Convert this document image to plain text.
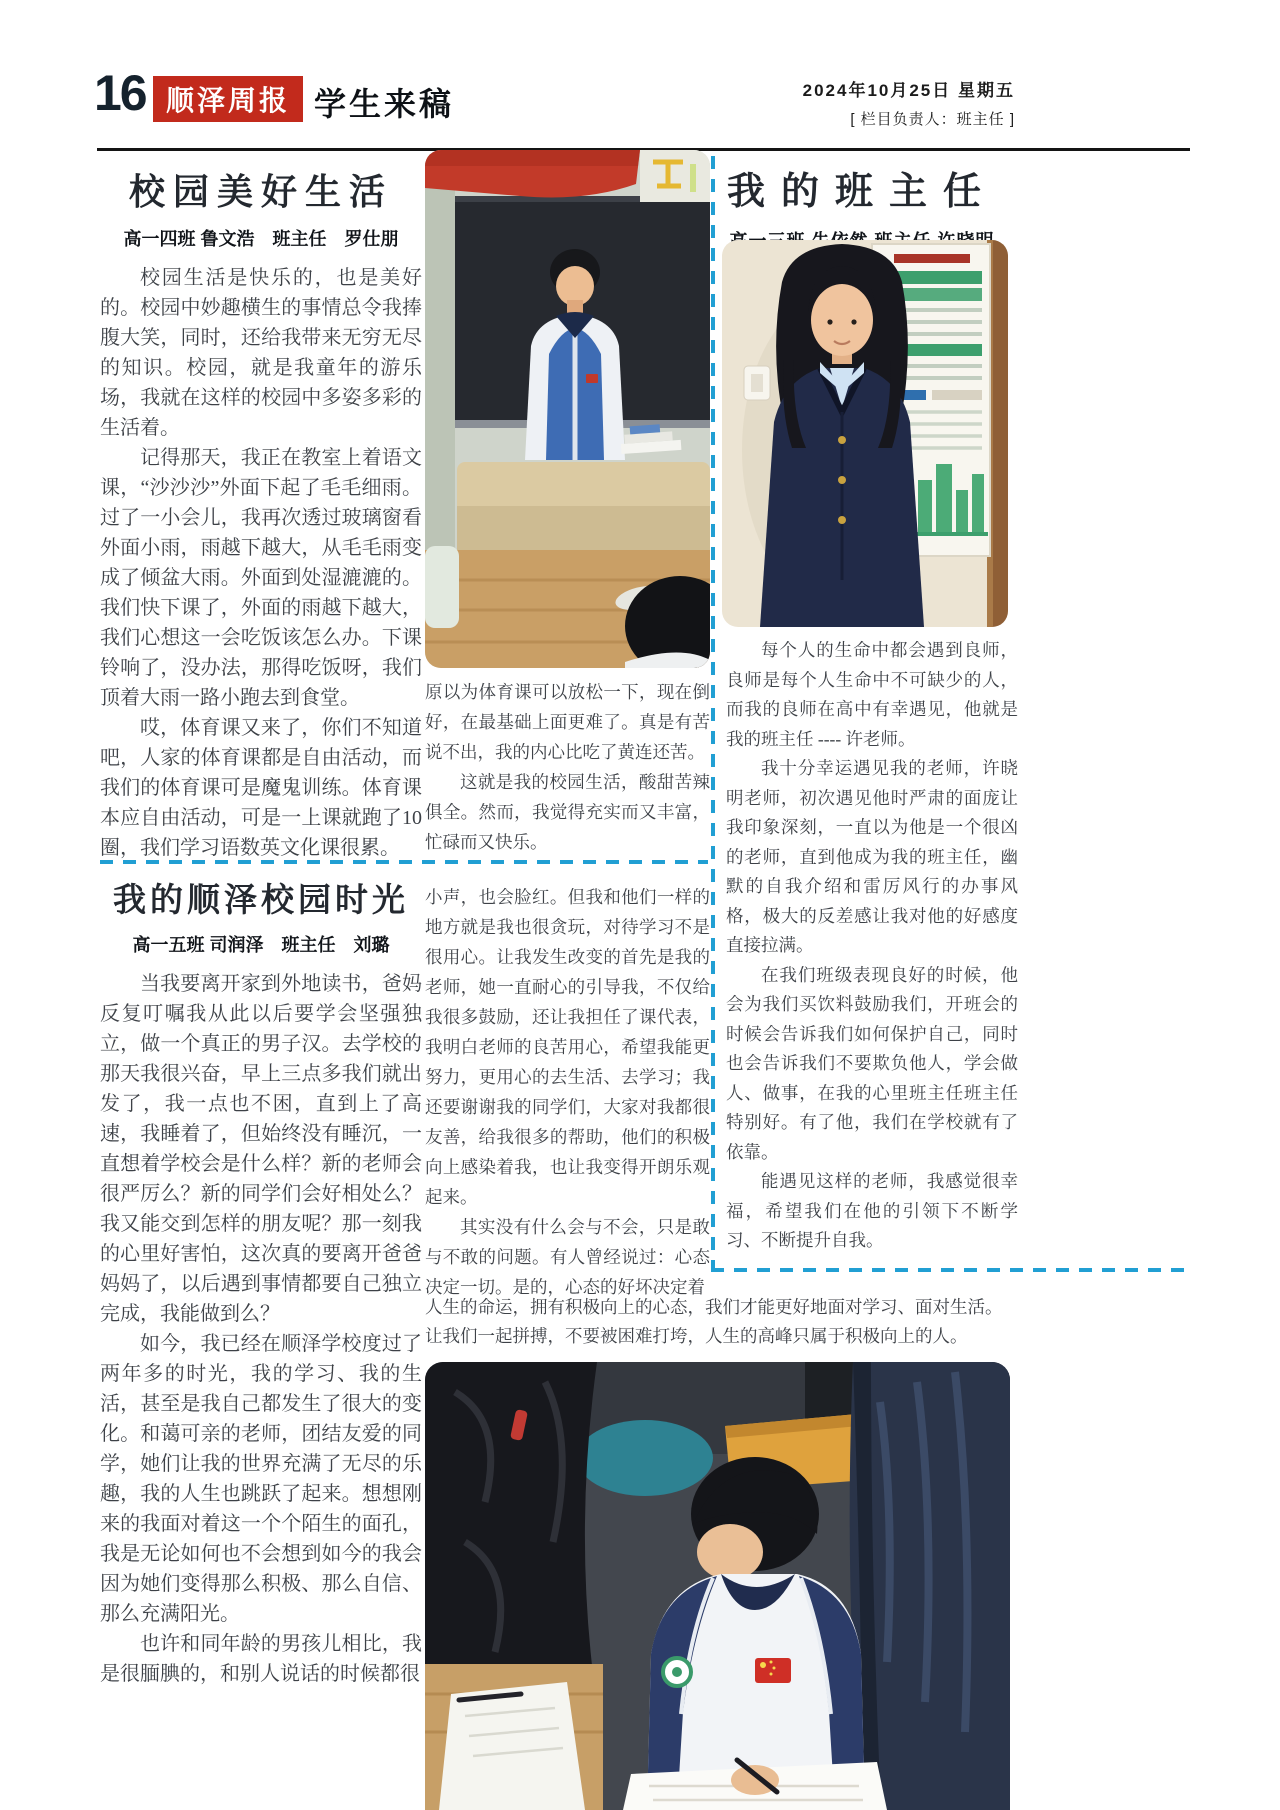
16 顺泽周报 学生来稿	2024年10月25日 星期五
[ 栏目负责人：班主任 ]
校园美好生活
高一四班 鲁文浩　班主任　罗仕朋

校园生活是快乐的，也是美好的。校园中妙趣横生的事情总令我捧腹大笑，同时，还给我带来无穷无尽的知识。校园，就是我童年的游乐场，我就在这样的校园中多姿多彩的生活着。

记得那天，我正在教室上着语文课，“沙沙沙”外面下起了毛毛细雨。过了一小会儿，我再次透过玻璃窗看外面小雨，雨越下越大，从毛毛雨变成了倾盆大雨。外面到处湿漉漉的。我们快下课了，外面的雨越下越大，我们心想这一会吃饭该怎么办。下课铃响了，没办法，那得吃饭呀，我们顶着大雨一路小跑去到食堂。

哎，体育课又来了，你们不知道吧，人家的体育课都是自由活动，而我们的体育课可是魔鬼训练。体育课本应自由活动，可是一上课就跑了10圈，我们学习语数英文化课很累。

原以为体育课可以放松一下，现在倒好，在最基础上面更难了。真是有苦说不出，我的内心比吃了黄连还苦。

这就是我的校园生活，酸甜苦辣俱全。然而，我觉得充实而又丰富，忙碌而又快乐。

我的顺泽校园时光
高一五班 司润泽　班主任　刘璐

当我要离开家到外地读书，爸妈反复叮嘱我从此以后要学会坚强独立，做一个真正的男子汉。去学校的那天我很兴奋，早上三点多我们就出发了，我一点也不困，直到上了高速，我睡着了，但始终没有睡沉，一直想着学校会是什么样？新的老师会很严厉么？新的同学们会好相处么？我又能交到怎样的朋友呢？那一刻我的心里好害怕，这次真的要离开爸爸妈妈了，以后遇到事情都要自己独立完成，我能做到么？

如今，我已经在顺泽学校度过了两年多的时光，我的学习、我的生活，甚至是我自己都发生了很大的变化。和蔼可亲的老师，团结友爱的同学，她们让我的世界充满了无尽的乐趣，我的人生也跳跃了起来。想想刚来的我面对着这一个个陌生的面孔，我是无论如何也不会想到如今的我会因为她们变得那么积极、那么自信、那么充满阳光。

也许和同年龄的男孩儿相比，我是很腼腆的，和别人说话的时候都很

小声，也会脸红。但我和他们一样的地方就是我也很贪玩，对待学习不是很用心。让我发生改变的首先是我的老师，她一直耐心的引导我，不仅给我很多鼓励，还让我担任了课代表，我明白老师的良苦用心，希望我能更努力，更用心的去生活、去学习；我还要谢谢我的同学们，大家对我都很友善，给我很多的帮助，他们的积极向上感染着我，也让我变得开朗乐观起来。

其实没有什么会与不会，只是敢与不敢的问题。有人曾经说过：心态决定一切。是的，心态的好坏决定着

人生的命运，拥有积极向上的心态，我们才能更好地面对学习、面对生活。

让我们一起拼搏，不要被困难打垮，人生的高峰只属于积极向上的人。

我的班主任

每个人的生命中都会遇到良师，良师是每个人生命中不可缺少的人，而我的良师在高中有幸遇见，他就是我的班主任 ---- 许老师。

我十分幸运遇见我的老师，许晓明老师，初次遇见他时严肃的面庞让我印象深刻，一直以为他是一个很凶的老师，直到他成为我的班主任，幽默的自我介绍和雷厉风行的办事风格，极大的反差感让我对他的好感度直接拉满。

在我们班级表现良好的时候，他会为我们买饮料鼓励我们，开班会的时候会告诉我们如何保护自己，同时也会告诉我们不要欺负他人，学会做人、做事，在我的心里班主任班主任特别好。有了他，我们在学校就有了依靠。

能遇见这样的老师，我感觉很幸福，希望我们在他的引领下不断学习、不断提升自我。
